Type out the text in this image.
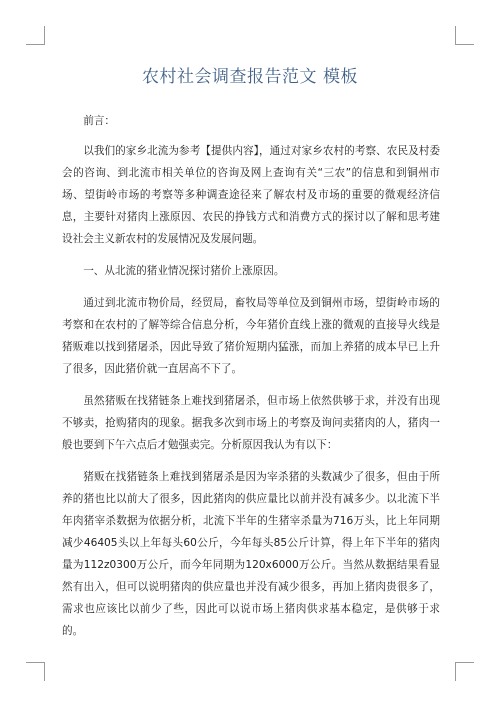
农村社会调查报告范文 模板

前言：

以我们的家乡北流为参考【提供内容】，通过对家乡农村的考察、农民及村委会的咨询、到北流市相关单位的咨询及网上查询有关“三农”的信息和到铜州市场、望街岭市场的考察等多种调查途径来了解农村及市场的重要的微观经济信息，主要针对猪肉上涨原因、农民的挣钱方式和消费方式的探讨以了解和思考建设社会主义新农村的发展情况及发展问题。

一、从北流的猪业情况探讨猪价上涨原因。

通过到北流市物价局，经贸局，畜牧局等单位及到铜州市场，望街岭市场的考察和在农村的了解等综合信息分析，今年猪价直线上涨的微观的直接导火线是猪贩难以找到猪屠杀，因此导致了猪价短期内猛涨，而加上养猪的成本早已上升了很多，因此猪价就一直居高不下了。

虽然猪贩在找猪链条上难找到猪屠杀，但市场上依然供够于求，并没有出现不够卖，抢购猪肉的现象。据我多次到市场上的考察及询问卖猪肉的人，猪肉一般也要到下午六点后才勉强卖完。分析原因我认为有以下：

猪贩在找猪链条上难找到猪屠杀是因为宰杀猪的头数减少了很多，但由于所养的猪也比以前大了很多，因此猪肉的供应量比以前并没有减多少。以北流下半年肉猪宰杀数据为依据分析，北流下半年的生猪宰杀量为716万头，比上年同期减少46405头以上年每头60公斤，今年每头85公斤计算，得上年下半年的猪肉量为112z0300万公斤，而今年同期为120x6000万公斤。当然从数据结果看显然有出入，但可以说明猪肉的供应量也并没有减少很多，再加上猪肉贵很多了，需求也应该比以前少了些，因此可以说市场上猪肉供求基本稳定，是供够于求的。
